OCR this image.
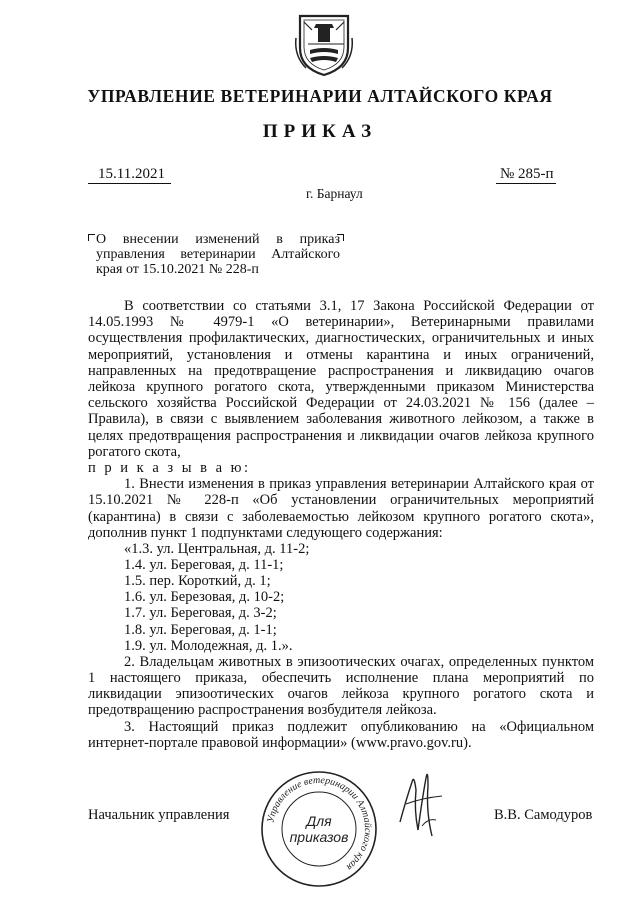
УПРАВЛЕНИЕ ВЕТЕРИНАРИИ АЛТАЙСКОГО КРАЯ
ПРИКАЗ
15.11.2021	№ 285-п
г. Барнаул
О внесении изменений в приказ управления ветеринарии Алтайского края от 15.10.2021 № 228-п

В соответствии со статьями 3.1, 17 Закона Российской Федерации от 14.05.1993 № 4979-1 «О ветеринарии», Ветеринарными правилами осуществления профилактических, диагностических, ограничительных и иных мероприятий, установления и отмены карантина и иных ограничений, направленных на предотвращение распространения и ликвидацию очагов лейкоза крупного рогатого скота, утвержденными приказом Министерства сельского хозяйства Российской Федерации от 24.03.2021 № 156 (далее – Правила), в связи с выявлением заболевания животного лейкозом, а также в целях предотвращения распространения и ликвидации очагов лейкоза крупного рогатого скота,

п р и к а з ы в а ю:

1. Внести изменения в приказ управления ветеринарии Алтайского края от 15.10.2021 № 228-п «Об установлении ограничительных мероприятий (карантина) в связи с заболеваемостью лейкозом крупного рогатого скота», дополнив пункт 1 подпунктами следующего содержания:

«1.3. ул. Центральная, д. 11-2;

1.4. ул. Береговая, д. 11-1;

1.5. пер. Короткий, д. 1;

1.6. ул. Березовая, д. 10-2;

1.7. ул. Береговая, д. 3-2;

1.8. ул. Береговая, д. 1-1;

1.9. ул. Молодежная, д. 1.».

2. Владельцам животных в эпизоотических очагах, определенных пунктом 1 настоящего приказа, обеспечить исполнение плана мероприятий по ликвидации эпизоотических очагов лейкоза крупного рогатого скота и предотвращению распространения возбудителя лейкоза.

3. Настоящий приказ подлежит опубликованию на «Официальном интернет-портале правовой информации» (www.pravo.gov.ru).

Начальник управления	В.В. Самодуров
Управление ветеринарии Алтайского края
Для
приказов
